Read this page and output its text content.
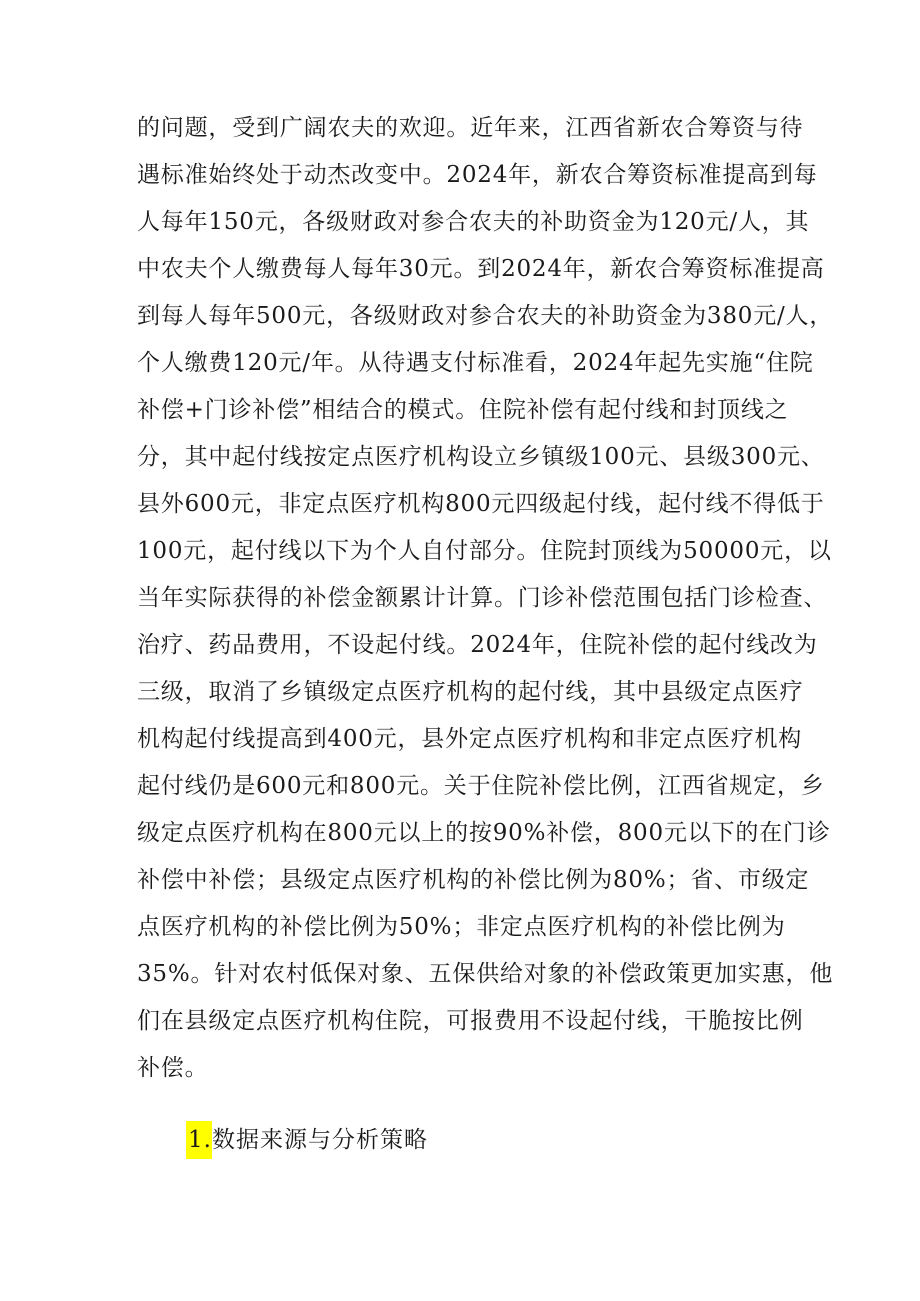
的问题，受到广阔农夫的欢迎。近年来，江西省新农合筹资与待
遇标准始终处于动杰改变中。2024年，新农合筹资标准提高到每
人每年150元，各级财政对参合农夫的补助资金为120元/人，其
中农夫个人缴费每人每年30元。到2024年，新农合筹资标准提高
到每人每年500元，各级财政对参合农夫的补助资金为380元/人，
个人缴费120元/年。从待遇支付标准看，2024年起先实施“住院
补偿+门诊补偿”相结合的模式。住院补偿有起付线和封顶线之
分，其中起付线按定点医疗机构设立乡镇级100元、县级300元、
县外600元，非定点医疗机构800元四级起付线，起付线不得低于
100元，起付线以下为个人自付部分。住院封顶线为50000元，以
当年实际获得的补偿金额累计计算。门诊补偿范围包括门诊检查、
治疗、药品费用，不设起付线。2024年，住院补偿的起付线改为
三级，取消了乡镇级定点医疗机构的起付线，其中县级定点医疗
机构起付线提高到400元，县外定点医疗机构和非定点医疗机构
起付线仍是600元和800元。关于住院补偿比例，江西省规定，乡
级定点医疗机构在800元以上的按90%补偿，800元以下的在门诊
补偿中补偿；县级定点医疗机构的补偿比例为80%；省、市级定
点医疗机构的补偿比例为50%；非定点医疗机构的补偿比例为
35%。针对农村低保对象、五保供给对象的补偿政策更加实惠，他
们在县级定点医疗机构住院，可报费用不设起付线，干脆按比例
补偿。
1.数据来源与分析策略
